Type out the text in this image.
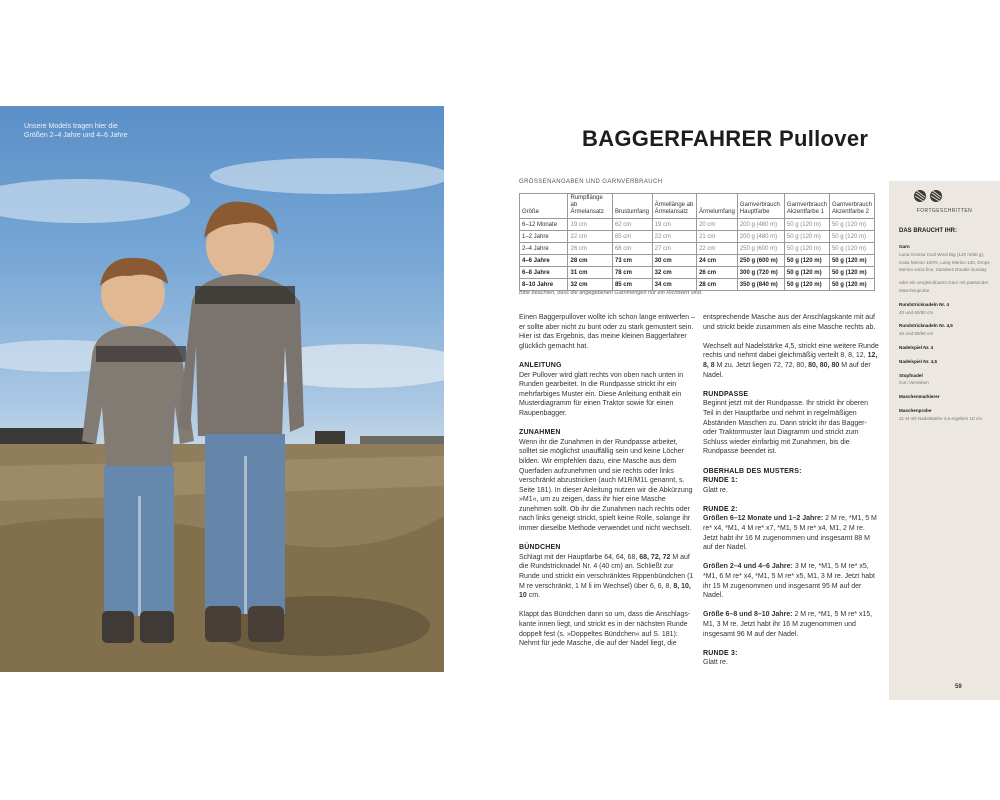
Unsere Models tragen hier die Größen 2–4 Jahre und 4–6 Jahre	BAGGERFAHRER Pullover
GRÖSSENANGABEN UND GARNVERBRAUCH
Größe	Rumpflänge ab Ärmelansatz	Brustumfang	Ärmellänge ab Ärmelansatz	Ärmelumfang	Garnverbrauch Hauptfarbe	Garnverbrauch Akzentfarbe 1	Garnverbrauch Akzentfarbe 2
6–12 Monate	19 cm	62 cm	19 cm	20 cm	200 g (480 m)	50 g (120 m)	50 g (120 m)
1–2 Jahre	22 cm	65 cm	22 cm	21 cm	200 g (480 m)	50 g (120 m)	50 g (120 m)
2–4 Jahre	26 cm	68 cm	27 cm	22 cm	250 g (600 m)	50 g (120 m)	50 g (120 m)
4–6 Jahre	28 cm	73 cm	30 cm	24 cm	250 g (600 m)	50 g (120 m)	50 g (120 m)
6–8 Jahre	31 cm	78 cm	32 cm	26 cm	300 g (720 m)	50 g (120 m)	50 g (120 m)
8–10 Jahre	32 cm	85 cm	34 cm	28 cm	350 g (840 m)	50 g (120 m)	50 g (120 m)
Bitte beachten, dass die angegebenen Garnmengen nur ein Richtwert sind.

Einen Baggerpullover wollte ich schon lange entwerfen – er sollte aber nicht zu bunt oder zu stark gemustert sein. Hier ist das Ergebnis, das meine kleinen Baggerfahrer glücklich gemacht hat.

ANLEITUNG

Der Pullover wird glatt rechts von oben nach unten in Runden gearbeitet. In die Rundpasse strickt ihr ein mehrfarbiges Muster ein. Diese Anleitung enthält ein Musterdiagramm für einen Traktor sowie für einen Raupenbagger.

ZUNAHMEN

Wenn ihr die Zunahmen in der Rundpasse arbeitet, solltet sie möglichst unauffällig sein und keine Löcher bilden. Wir empfehlen dazu, eine Masche aus dem Querfaden aufzunehmen und sie rechts oder links verschränkt abzustricken (auch M1R/M1L genannt, s. Seite 181). In dieser Anleitung nutzen wir die Abkürzung »M1«, um zu zeigen, dass ihr hier eine Masche zunehmen sollt. Ob ihr die Zunahmen nach rechts oder nach links geneigt strickt, spielt keine Rolle, solange ihr immer dieselbe Methode verwendet und nicht wechselt.

BÜNDCHEN

Schlagt mit der Hauptfarbe 64, 64, 68, 68, 72, 72 M auf die Rundstricknadel Nr. 4 (40 cm) an. Schließt zur Runde und strickt ein verschränktes Rippenbündchen (1 M re verschränkt, 1 M li im Wechsel) über 6, 6, 8, 8, 10, 10 cm.

Klappt das Bündchen dann so um, dass die Anschlagskante innen liegt, und strickt es in der nächsten Runde doppelt fest (s. »Doppeltes Bündchen« auf S. 181): Nehmt für jede Masche, die auf der Nadel liegt, die

entsprechende Masche aus der Anschlagskante mit auf und strickt beide zusammen als eine Masche rechts ab.

Wechselt auf Nadelstärke 4,5, strickt eine weitere Runde rechts und nehmt dabei gleichmäßig verteilt 8, 8, 12, 12, 8, 8 M zu. Jetzt liegen 72, 72, 80, 80, 80, 80 M auf der Nadel.

RUNDPASSE

Beginnt jetzt mit der Rundpasse. Ihr strickt ihr oberen Teil in der Hauptfarbe und nehmt in regelmäßigen Abständen Maschen zu. Dann strickt ihr das Bagger- oder Traktormuster laut Diagramm und strickt zum Schluss wieder einfarbig mit Zunahmen, bis die Rundpasse beendet ist.

OBERHALB DES MUSTERS:
RUNDE 1:

Glatt re.

RUNDE 2:

Größen 6–12 Monate und 1–2 Jahre: 2 M re, *M1, 5 M re* x4, *M1, 4 M re* x7, *M1, 5 M re* x4, M1, 2 M re. Jetzt habt ihr 16 M zugenommen und insgesamt 88 M auf der Nadel.

Größen 2–4 und 4–6 Jahre: 3 M re, *M1, 5 M re* x5, *M1, 6 M re* x4, *M1, 5 M re* x5, M1, 3 M re. Jetzt habt ihr 15 M zugenommen und insgesamt 95 M auf der Nadel.

Größe 6–8 und 8–10 Jahre: 2 M re, *M1, 5 M re* x15, M1, 3 M re. Jetzt habt ihr 16 M zugenommen und insgesamt 96 M auf der Nadel.

RUNDE 3:

Glatt re.

FORTGESCHRITTEN
DAS BRAUCHT IHR:
Garn
Lana Grossa Cool Wool Big (120 m/50 g), Katia Merino 100%, Lang Merino 120, Drops Merino extra fine, Sandnes Double Sunday
oder ein vergleichbares Garn mit passender Maschenprobe
Rundstricknadeln Nr. 4
40 und 60/80 cm
Rundstricknadeln Nr. 4,5
40 und 60/80 cm
Nadelspiel Nr. 4
Nadelspiel Nr. 4,5
Stopfnadel
zum Vernähen
Maschenmarkierer
Maschenprobe
21 M mit Nadelstärke 4,5 ergeben 10 cm.
59
